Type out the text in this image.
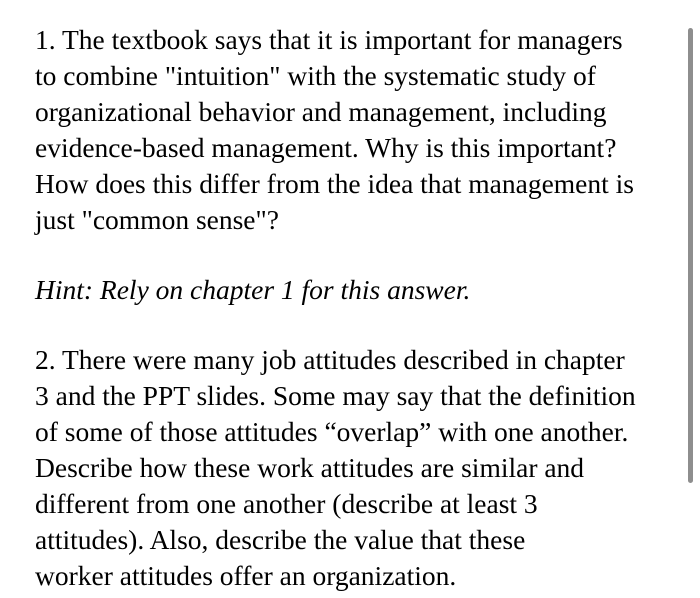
1. The textbook says that it is important for managers
to combine "intuition" with the systematic study of
organizational behavior and management, including
evidence-based management. Why is this important?
How does this differ from the idea that management is
just "common sense"?
Hint: Rely on chapter 1 for this answer.
2. There were many job attitudes described in chapter
3 and the PPT slides. Some may say that the definition
of some of those attitudes “overlap” with one another.
Describe how these work attitudes are similar and
different from one another (describe at least 3
attitudes). Also, describe the value that these
worker attitudes offer an organization.
